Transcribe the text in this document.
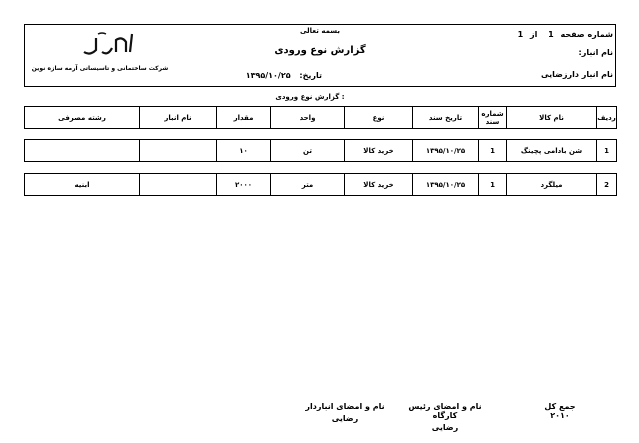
بسمه تعالی
گزارش نوع ورودی
شماره صفحه 1 از 1
نام انبار:
نام انبار دارزضایی
تاریخ: ۱۳۹۵/۱۰/۲۵
شرکت ساختمانی و تاسیساتی آرمه سازه نوین
: گزارش نوع ورودی
ردیف	نام کالا	شماره سند	تاریخ سند	نوع	واحد	مقدار	نام انبار	رشته مصرفی
1	شن بادامی پچینگ	1	۱۳۹۵/۱۰/۲۵	خرید کالا	تن	۱۰		
2	میلگرد	1	۱۳۹۵/۱۰/۲۵	خرید کالا	متر	۲۰۰۰		ابنیه
جمع کل
۲۰۱۰
نام و امضای رئیس کارگاه
رضایی
نام و امضای انباردار
رضایی
